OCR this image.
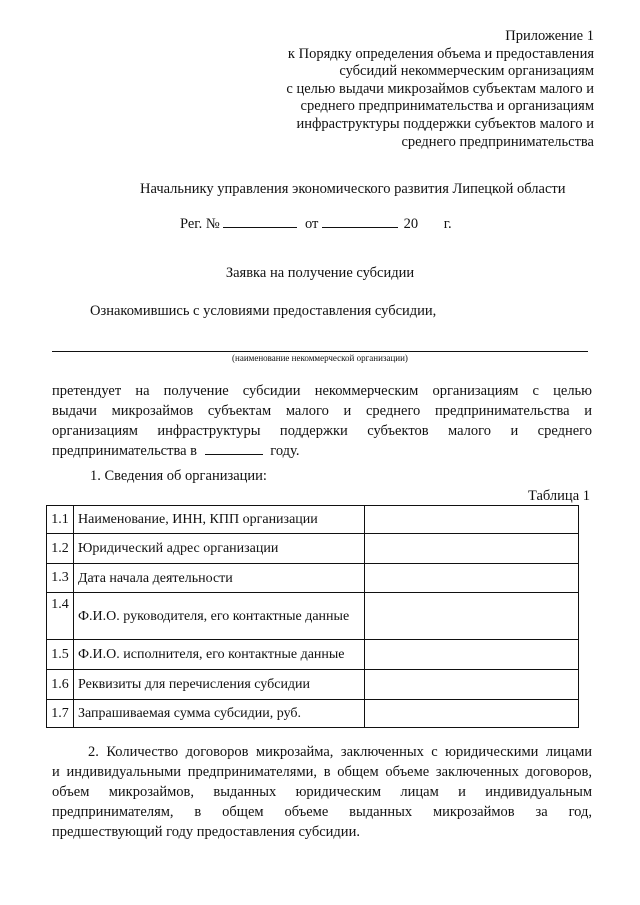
Приложение 1
к Порядку определения объема и предоставления
субсидий некоммерческим организациям
с целью выдачи микрозаймов субъектам малого и
среднего предпринимательства и организациям
инфраструктуры поддержки субъектов малого и
среднего предпринимательства
Начальнику управления экономического развития Липецкой области
Рег. №	от	20 г.
Заявка на получение субсидии
Ознакомившись с условиями предоставления субсидии,
(наименование некоммерческой организации)
претендует на получение субсидии некоммерческим организациям с целью
выдачи микрозаймов субъектам малого и среднего предпринимательства и
организациям инфраструктуры поддержки субъектов малого и среднего
предпринимательства в	году.
1. Сведения об организации:
Таблица 1
1.1	Наименование, ИНН, КПП организации	
1.2	Юридический адрес организации	
1.3	Дата начала деятельности	
1.4	Ф.И.О. руководителя, его контактные данные	
1.5	Ф.И.О. исполнителя, его контактные данные	
1.6	Реквизиты для перечисления субсидии	
1.7	Запрашиваемая сумма субсидии, руб.	
2. Количество договоров микрозайма, заключенных с юридическими лицами
и индивидуальными предпринимателями, в общем объеме заключенных договоров,
объем микрозаймов, выданных юридическим лицам и индивидуальным
предпринимателям, в общем объеме выданных микрозаймов за год,
предшествующий году предоставления субсидии.
